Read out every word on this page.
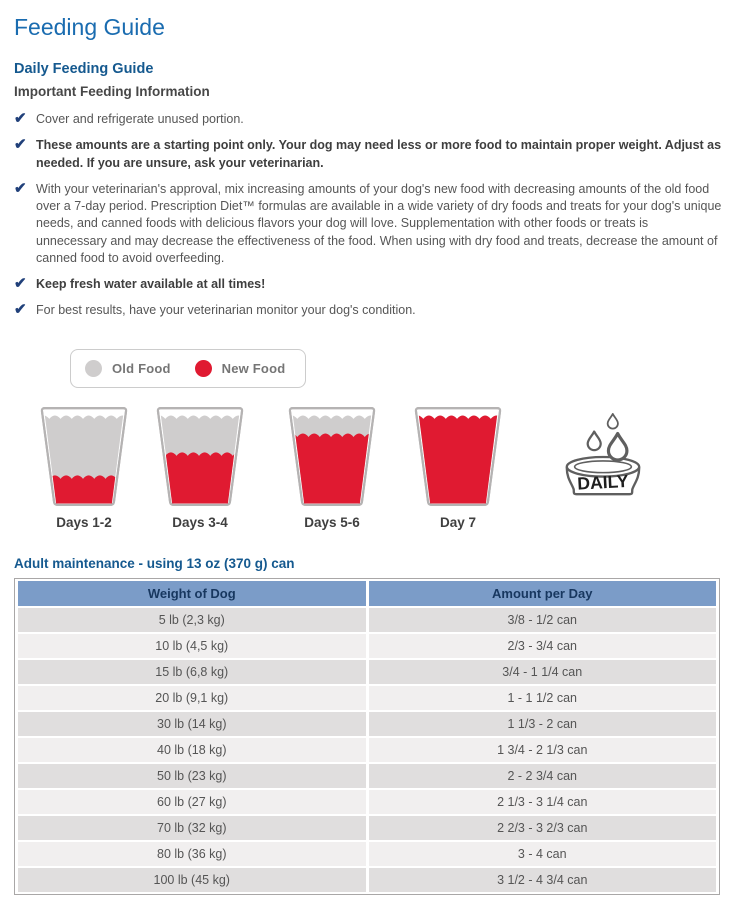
Feeding Guide
Daily Feeding Guide
Important Feeding Information
✔ Cover and refrigerate unused portion.
✔ These amounts are a starting point only. Your dog may need less or more food to maintain proper weight. Adjust as needed. If you are unsure, ask your veterinarian.
✔ With your veterinarian's approval, mix increasing amounts of your dog's new food with decreasing amounts of the old food over a 7-day period. Prescription Diet™ formulas are available in a wide variety of dry foods and treats for your dog's unique needs, and canned foods with delicious flavors your dog will love. Supplementation with other foods or treats is unnecessary and may decrease the effectiveness of the food. When using with dry food and treats, decrease the amount of canned food to avoid overfeeding.
✔ Keep fresh water available at all times!
✔ For best results, have your veterinarian monitor your dog's condition.
Old Food	New Food
Days 1-2	Days 3-4	Days 5-6	Day 7
DAILY
Adult maintenance - using 13 oz (370 g) can
Weight of Dog	Amount per Day
5 lb (2,3 kg)	3/8 - 1/2 can
10 lb (4,5 kg)	2/3 - 3/4 can
15 lb (6,8 kg)	3/4 - 1 1/4 can
20 lb (9,1 kg)	1 - 1 1/2 can
30 lb (14 kg)	1 1/3 - 2 can
40 lb (18 kg)	1 3/4 - 2 1/3 can
50 lb (23 kg)	2 - 2 3/4 can
60 lb (27 kg)	2 1/3 - 3 1/4 can
70 lb (32 kg)	2 2/3 - 3 2/3 can
80 lb (36 kg)	3 - 4 can
100 lb (45 kg)	3 1/2 - 4 3/4 can
